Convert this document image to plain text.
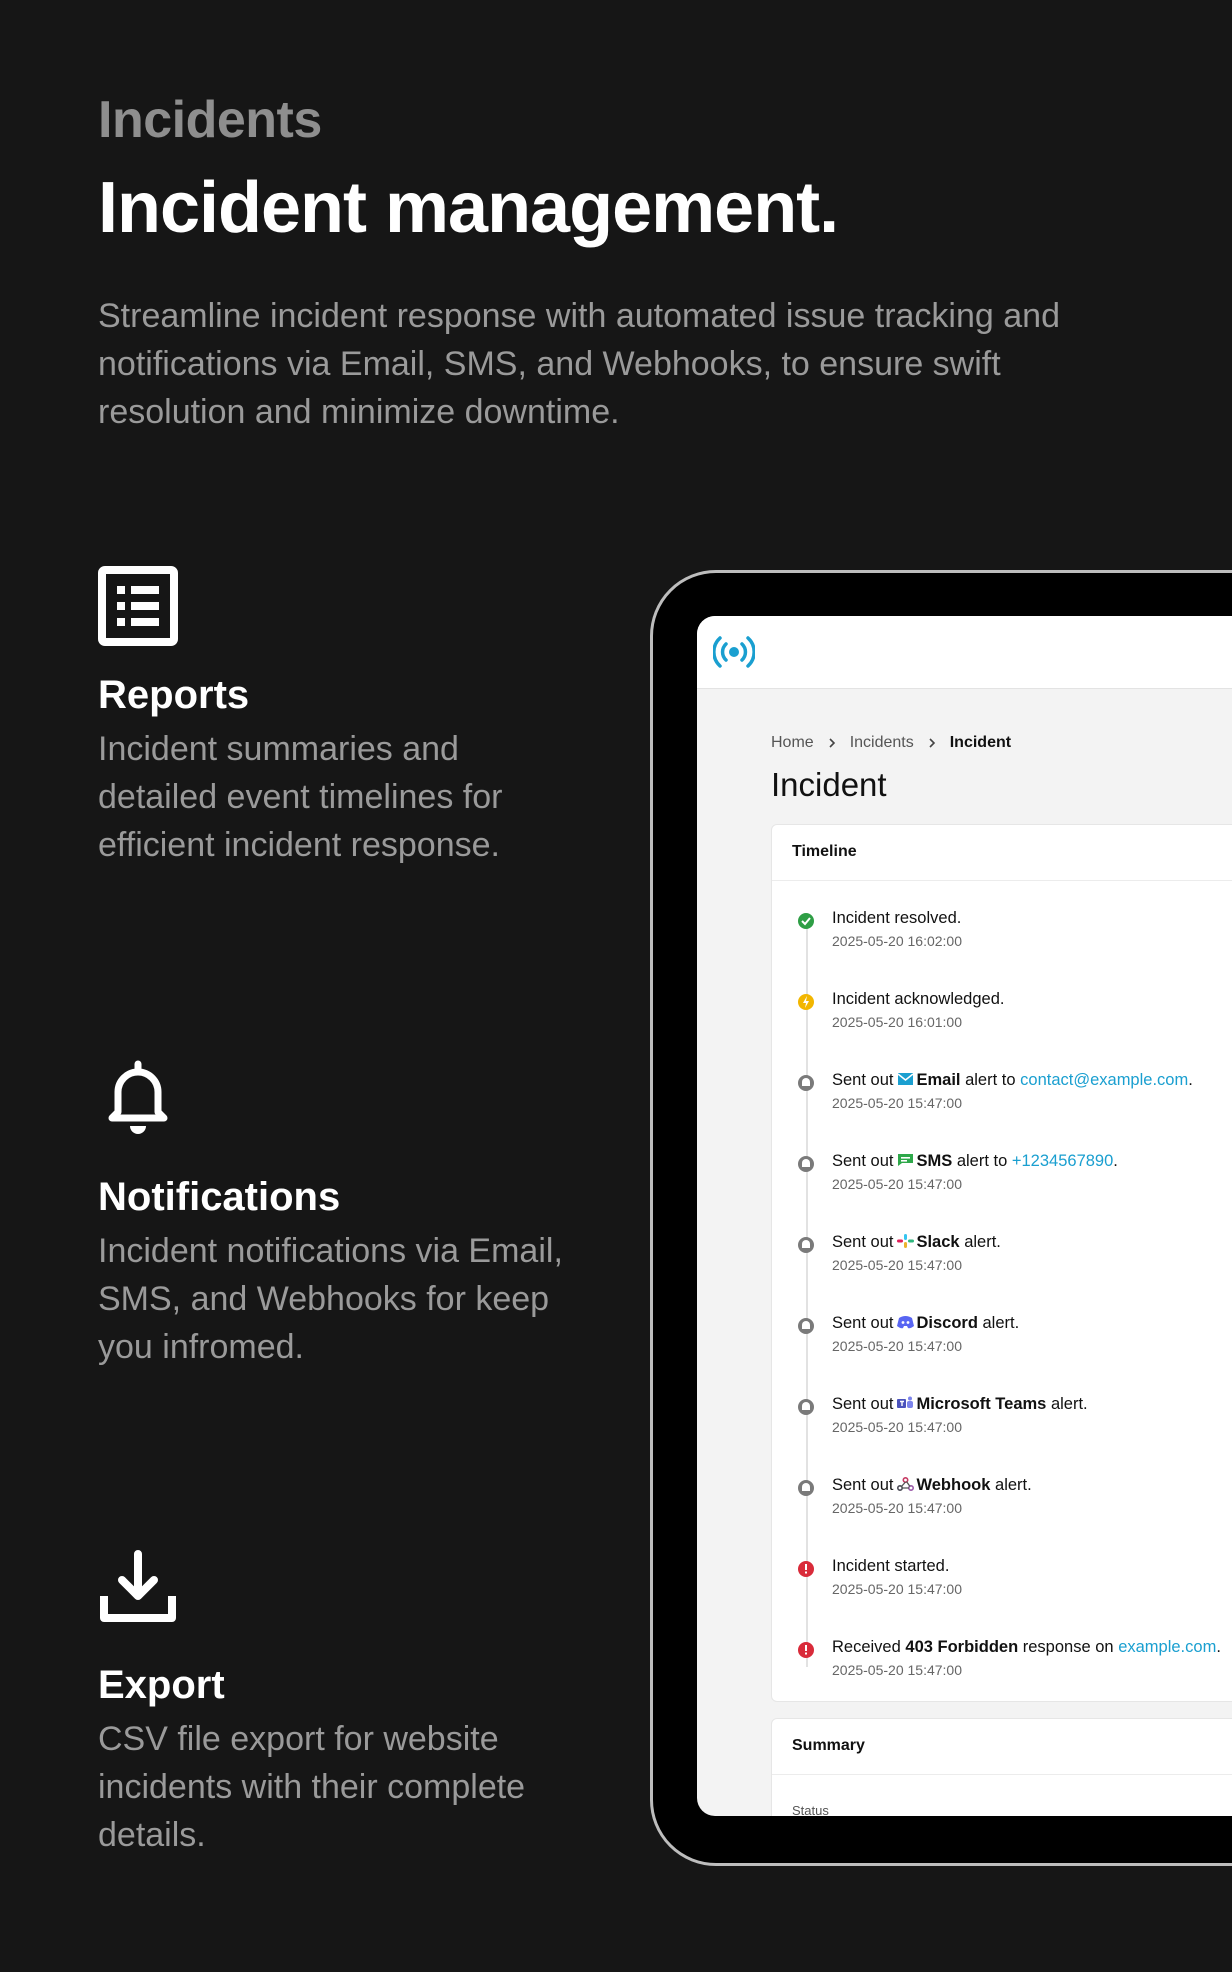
Incidents
Incident management.
Streamline incident response with automated issue tracking and notifications via Email, SMS, and Webhooks, to ensure swift resolution and minimize downtime.
Reports

Incident summaries and detailed event timelines for efficient incident response.

Notifications

Incident notifications via Email, SMS, and Webhooks for keep you infromed.

Export

CSV file export for website incidents with their complete details.

Home Incidents Incident
Incident
Timeline
Incident resolved.
2025-05-20 16:02:00
Incident acknowledged.
2025-05-20 16:01:00
Sent out Email alert to contact@example.com.
2025-05-20 15:47:00
Sent out SMS alert to +1234567890.
2025-05-20 15:47:00
Sent out Slack alert.
2025-05-20 15:47:00
Sent out Discord alert.
2025-05-20 15:47:00
Sent out Microsoft Teams alert.
2025-05-20 15:47:00
Sent out Webhook alert.
2025-05-20 15:47:00
Incident started.
2025-05-20 15:47:00
Received 403 Forbidden response on example.com.
2025-05-20 15:47:00
Summary
Status
